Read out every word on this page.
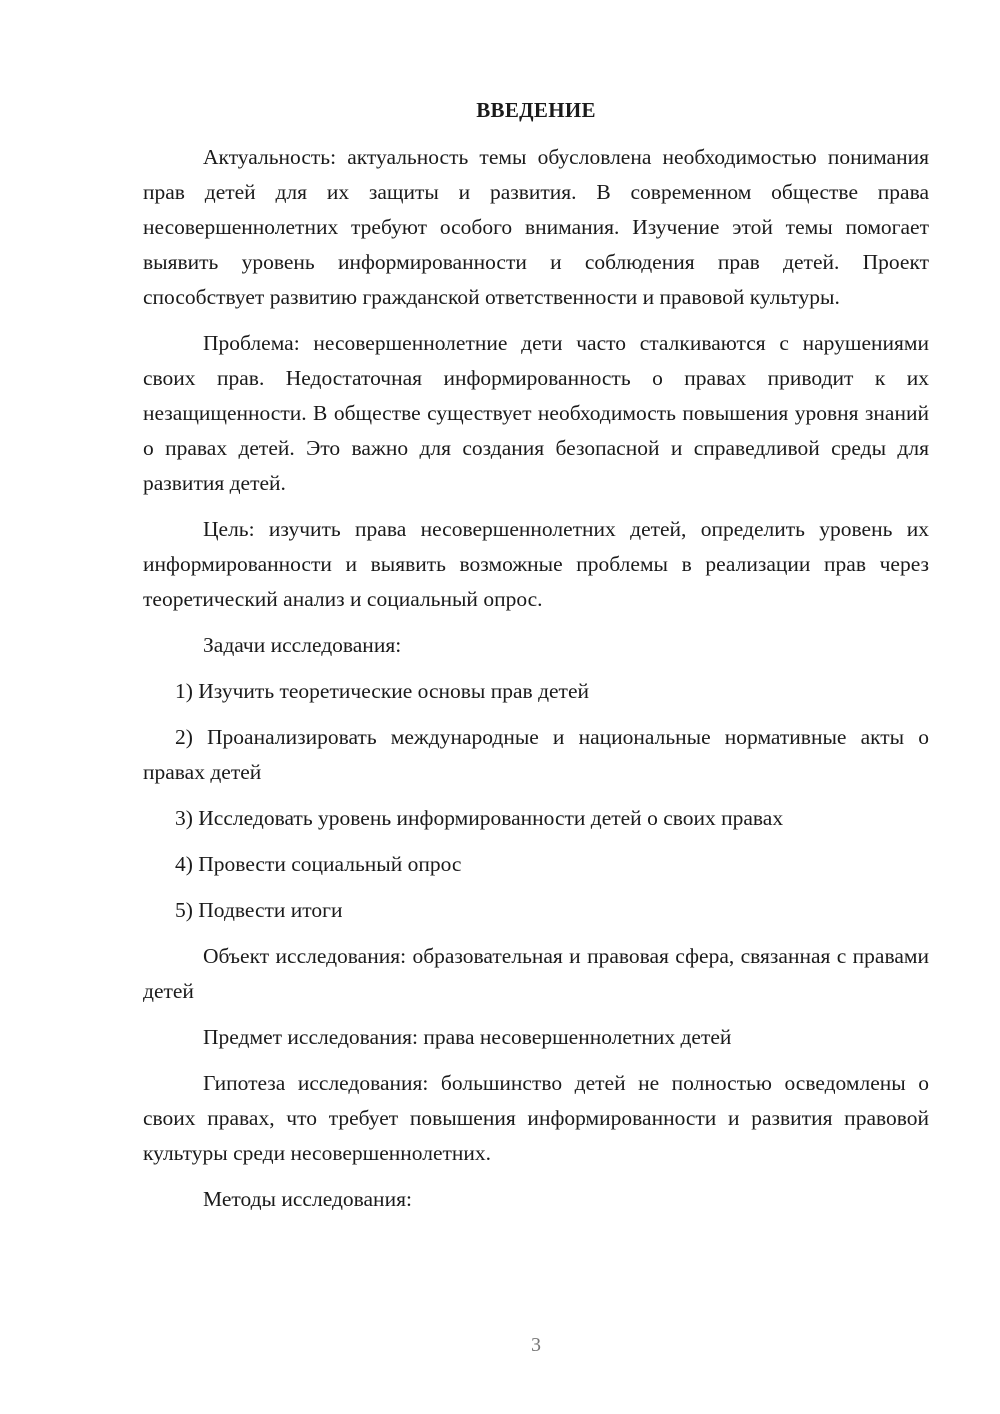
ВВЕДЕНИЕ

Актуальность: актуальность темы обусловлена необходимостью понимания прав детей для их защиты и развития. В современном обществе права несовершеннолетних требуют особого внимания. Изучение этой темы помогает выявить уровень информированности и соблюдения прав детей. Проект способствует развитию гражданской ответственности и правовой культуры.

Проблема: несовершеннолетние дети часто сталкиваются с нарушениями своих прав. Недостаточная информированность о правах приводит к их незащищенности. В обществе существует необходимость повышения уровня знаний о правах детей. Это важно для создания безопасной и справедливой среды для развития детей.

Цель: изучить права несовершеннолетних детей, определить уровень их информированности и выявить возможные проблемы в реализации прав через теоретический анализ и социальный опрос.

Задачи исследования:

1) Изучить теоретические основы прав детей

2) Проанализировать международные и национальные нормативные акты о правах детей

3) Исследовать уровень информированности детей о своих правах

4) Провести социальный опрос

5) Подвести итоги

Объект исследования: образовательная и правовая сфера, связанная с правами детей

Предмет исследования: права несовершеннолетних детей

Гипотеза исследования: большинство детей не полностью осведомлены о своих правах, что требует повышения информированности и развития правовой культуры среди несовершеннолетних.

Методы исследования:

3
